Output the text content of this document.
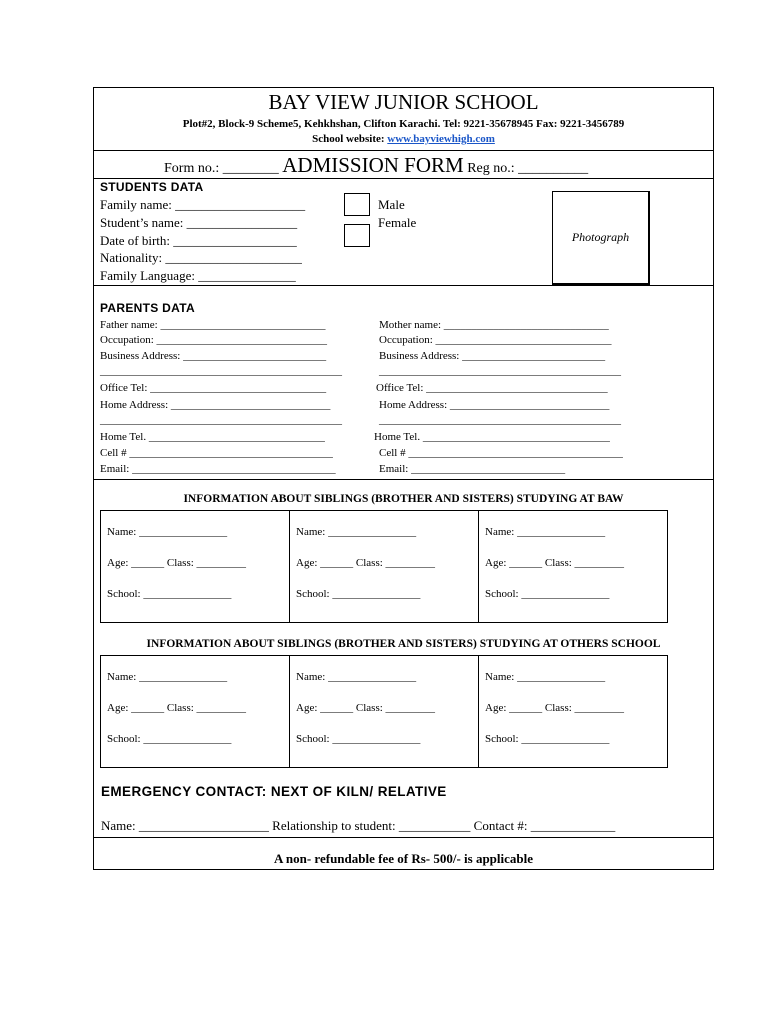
BAY VIEW JUNIOR SCHOOL
Plot#2, Block-9 Scheme5, Kehkhshan, Clifton Karachi. Tel: 9221-35678945 Fax: 9221-3456789
School website: www.bayviewhigh.com
Form no.: ________ ADMISSION FORM Reg no.: __________
STUDENTS DATA
Family name: ____________________
Student’s name: _________________
Date of birth: ___________________
Nationality: _____________________
Family Language: _______________
Male
Female
Photograph
PARENTS DATA
Father name: ______________________________
Occupation: _______________________________
Business Address: __________________________
____________________________________________
Office Tel: ________________________________
Home Address: _____________________________
____________________________________________
Home Tel. ________________________________
Cell # _____________________________________
Email: _____________________________________
Mother name: ______________________________
Occupation: ________________________________
Business Address: __________________________
____________________________________________
Office Tel: _________________________________
Home Address: _____________________________
____________________________________________
Home Tel. __________________________________
Cell # _______________________________________
Email: ____________________________
INFORMATION ABOUT SIBLINGS (BROTHER AND SISTERS) STUDYING AT BAW
Name: ________________
Age: ______ Class: _________
School: ________________
Name: ________________
Age: ______ Class: _________
School: ________________
Name: ________________
Age: ______ Class: _________
School: ________________
INFORMATION ABOUT SIBLINGS (BROTHER AND SISTERS) STUDYING AT OTHERS SCHOOL
Name: ________________
Age: ______ Class: _________
School: ________________
Name: ________________
Age: ______ Class: _________
School: ________________
Name: ________________
Age: ______ Class: _________
School: ________________
EMERGENCY CONTACT: NEXT OF KILN/ RELATIVE
Name: ____________________ Relationship to student: ___________ Contact #: _____________
A non- refundable fee of Rs- 500/- is applicable
